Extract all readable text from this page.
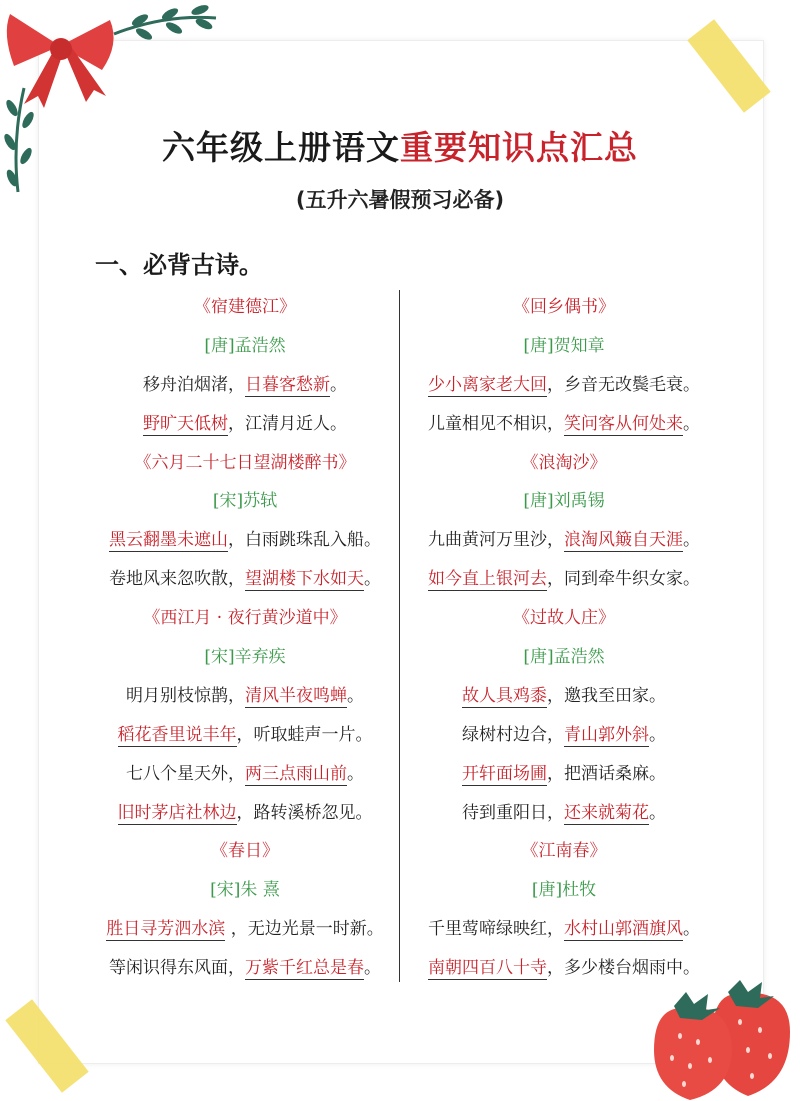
六年级上册语文重要知识点汇总
(五升六暑假预习必备)
一、必背古诗。
《宿建德江》
[唐]孟浩然
移舟泊烟渚，日暮客愁新。
野旷天低树，江清月近人。
《六月二十七日望湖楼醉书》
[宋]苏轼
黑云翻墨未遮山，白雨跳珠乱入船。
卷地风来忽吹散，望湖楼下水如天。
《西江月 · 夜行黄沙道中》
[宋]辛弃疾
明月别枝惊鹊，清风半夜鸣蝉。
稻花香里说丰年，听取蛙声一片。
七八个星天外，两三点雨山前。
旧时茅店社林边，路转溪桥忽见。
《春日》
[宋]朱 熹
胜日寻芳泗水滨 ，无边光景一时新。
等闲识得东风面，万紫千红总是春。
《回乡偶书》
[唐]贺知章
少小离家老大回，乡音无改鬓毛衰。
儿童相见不相识，笑问客从何处来。
《浪淘沙》
[唐]刘禹锡
九曲黄河万里沙，浪淘风簸自天涯。
如今直上银河去，同到牵牛织女家。
《过故人庄》
[唐]孟浩然
故人具鸡黍，邀我至田家。
绿树村边合，青山郭外斜。
开轩面场圃，把酒话桑麻。
待到重阳日，还来就菊花。
《江南春》
[唐]杜牧
千里莺啼绿映红，水村山郭酒旗风。
南朝四百八十寺，多少楼台烟雨中。
